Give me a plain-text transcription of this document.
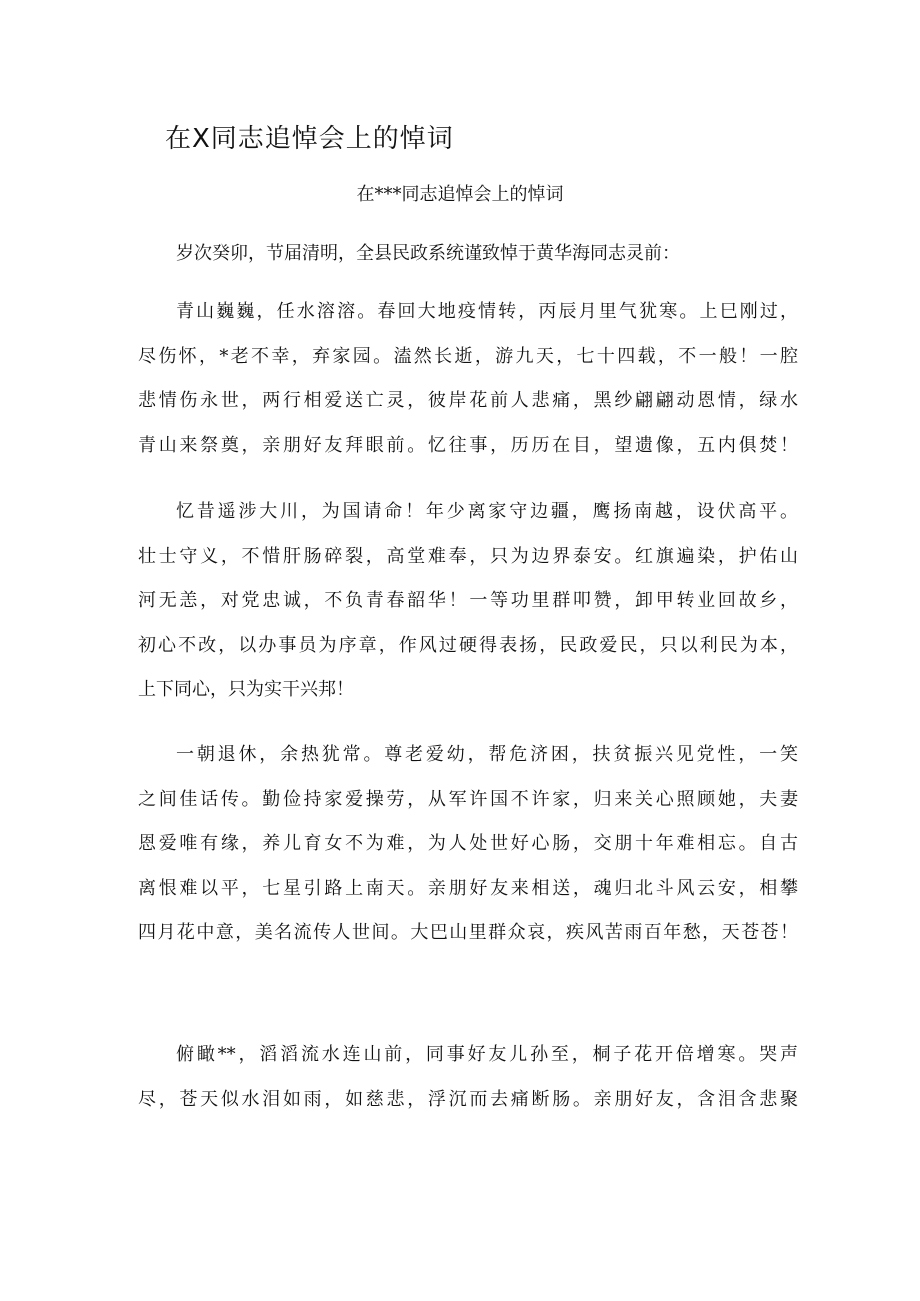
在X同志追悼会上的悼词
在***同志追悼会上的悼词
岁次癸卯，节届清明，全县民政系统谨致悼于黄华海同志灵前：
青山巍巍，任水溶溶。春回大地疫情转，丙辰月里气犹寒。上巳刚过，
尽伤怀，*老不幸，弃家园。溘然长逝，游九天，七十四载，不一般！一腔
悲情伤永世，两行相爱送亡灵，彼岸花前人悲痛，黑纱翩翩动恩情，绿水
青山来祭奠，亲朋好友拜眼前。忆往事，历历在目，望遗像，五内俱焚！
忆昔遥涉大川，为国请命！年少离家守边疆，鹰扬南越，设伏高平。
壮士守义，不惜肝肠碎裂，高堂难奉，只为边界泰安。红旗遍染，护佑山
河无恙，对党忠诚，不负青春韶华！一等功里群叩赞，卸甲转业回故乡，
初心不改，以办事员为序章，作风过硬得表扬，民政爱民，只以利民为本，
上下同心，只为实干兴邦！
一朝退休，余热犹常。尊老爱幼，帮危济困，扶贫振兴见党性，一笑
之间佳话传。勤俭持家爱操劳，从军许国不许家，归来关心照顾她，夫妻
恩爱唯有缘，养儿育女不为难，为人处世好心肠，交朋十年难相忘。自古
离恨难以平，七星引路上南天。亲朋好友来相送，魂归北斗风云安，相攀
四月花中意，美名流传人世间。大巴山里群众哀，疾风苦雨百年愁，天苍苍！
俯瞰**，滔滔流水连山前，同事好友儿孙至，桐子花开倍增寒。哭声
尽，苍天似水泪如雨，如慈悲，浮沉而去痛断肠。亲朋好友，含泪含悲聚
